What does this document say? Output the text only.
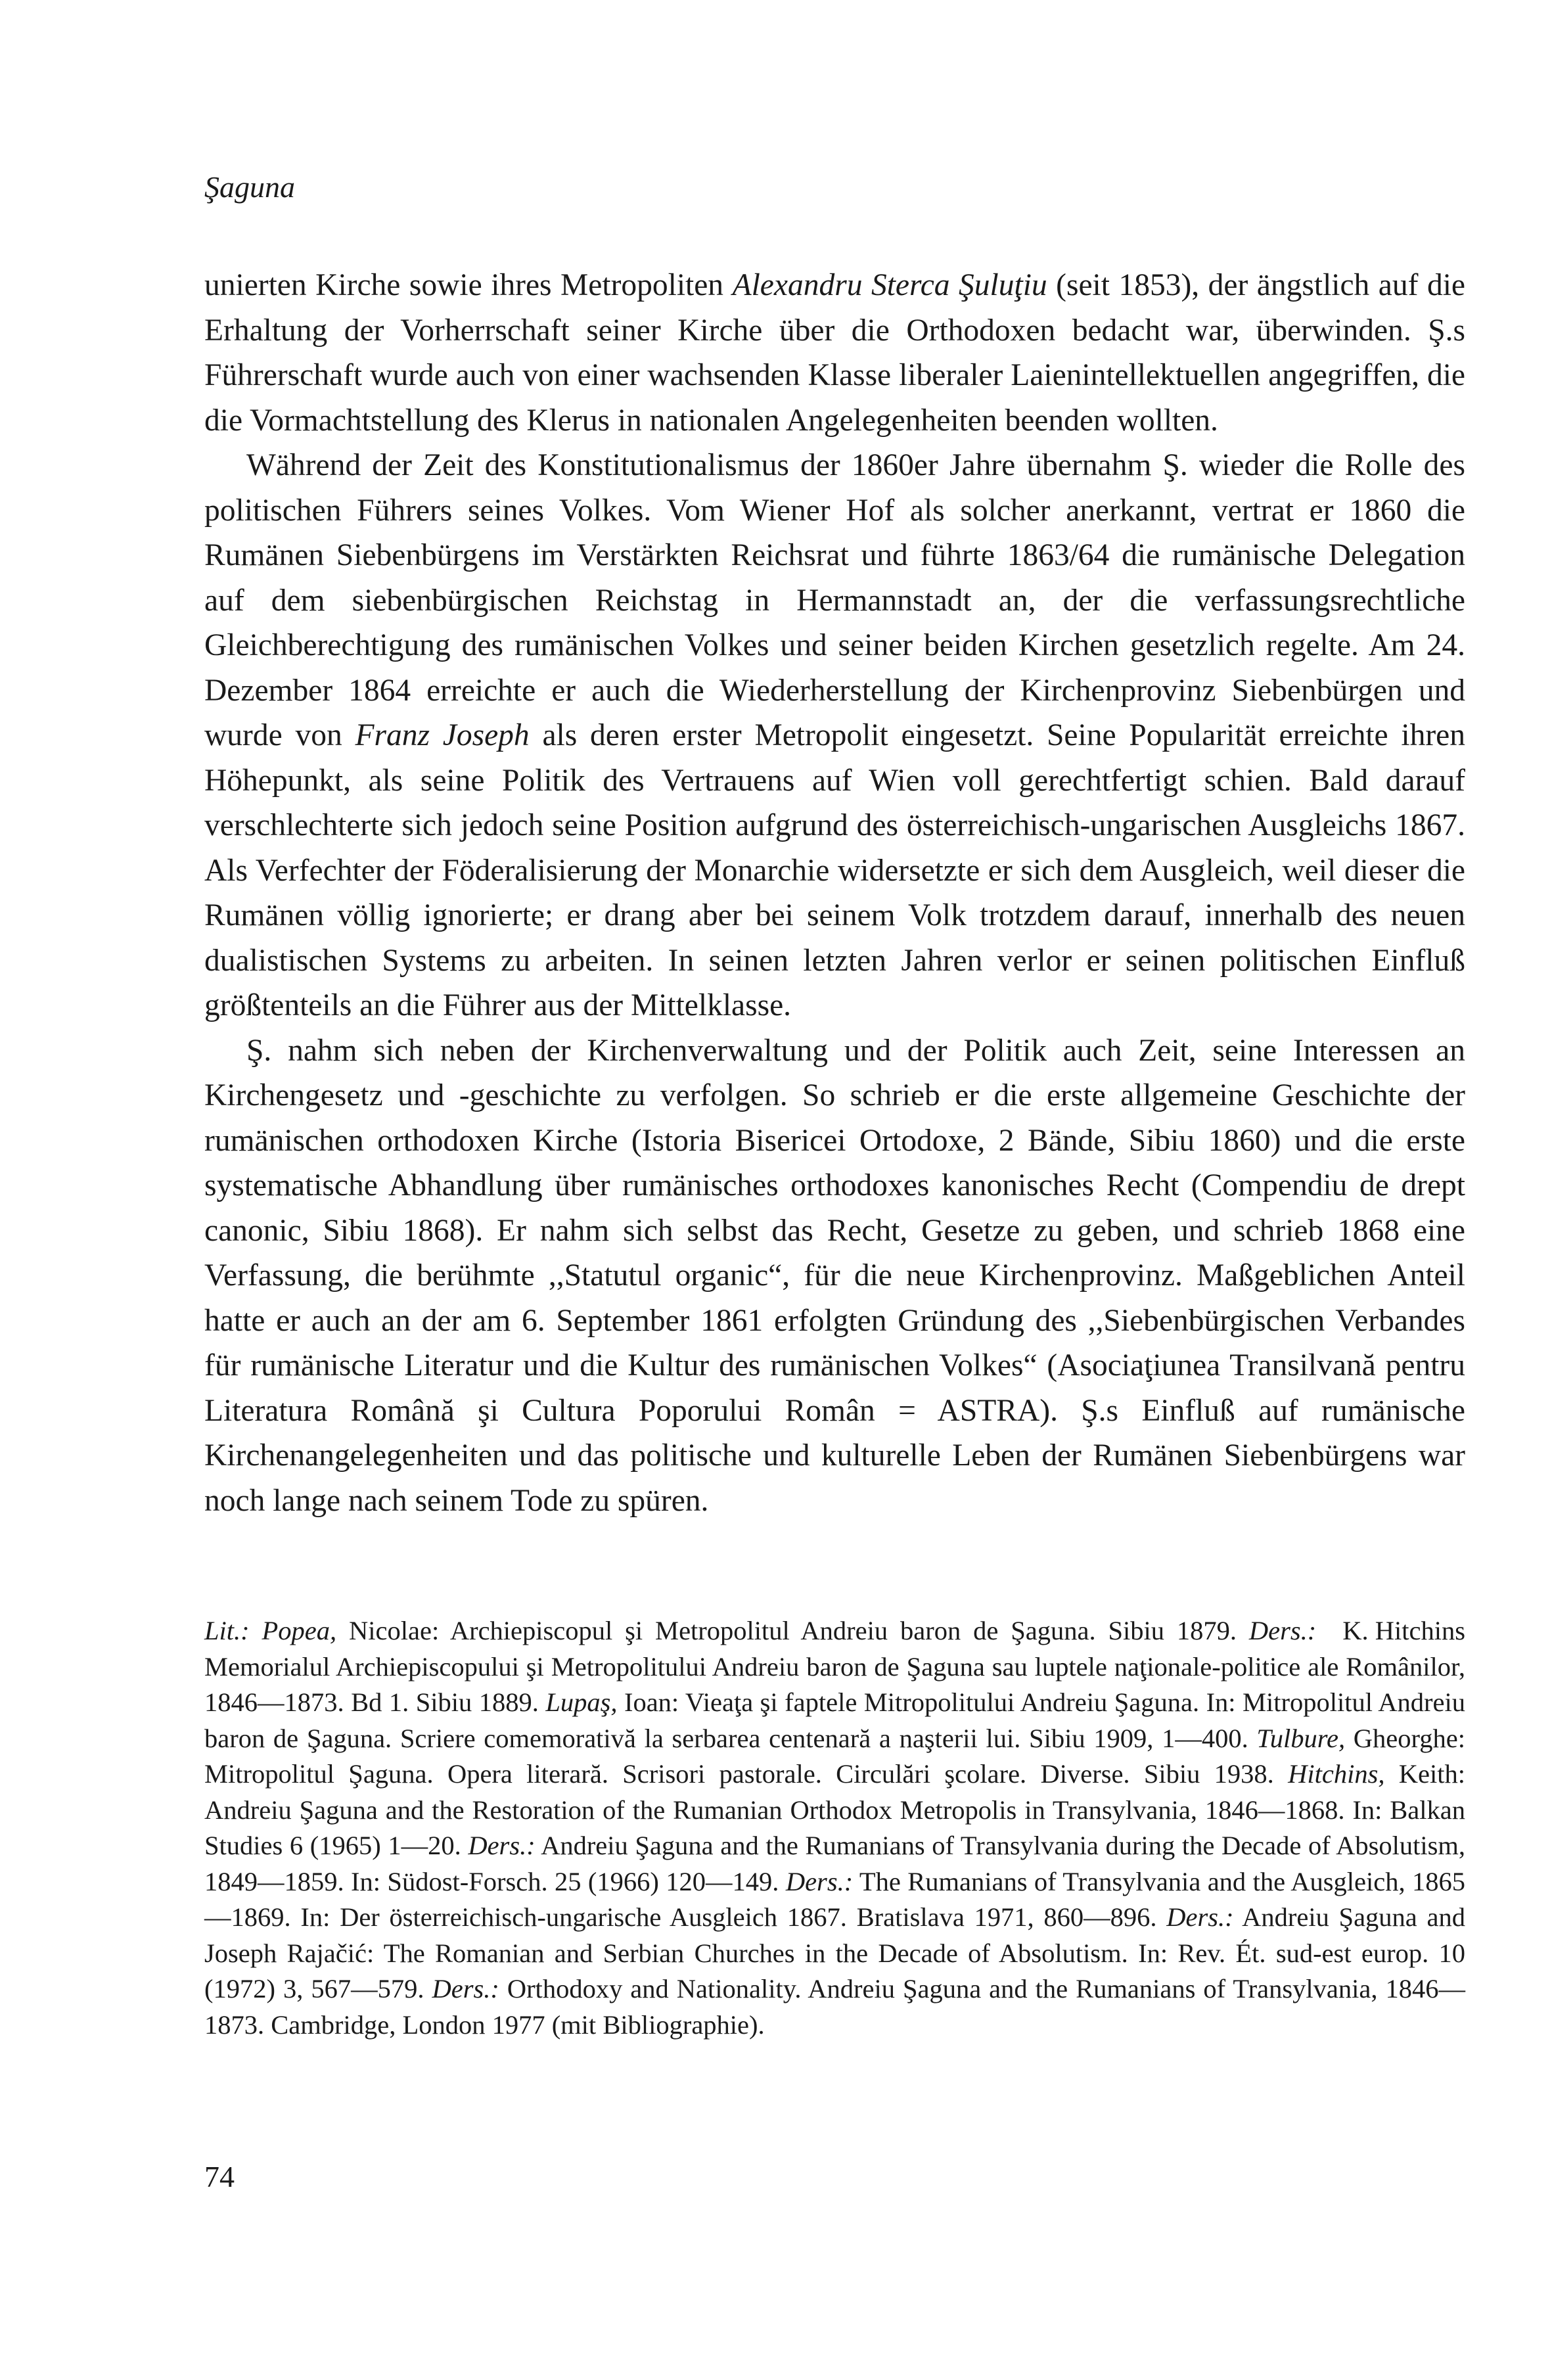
Şaguna

unierten Kirche sowie ihres Metropoliten Alexandru Sterca Şuluţiu (seit 1853), der ängstlich auf die Erhaltung der Vorherrschaft seiner Kirche über die Orthodoxen bedacht war, überwinden. Ş.s Führerschaft wurde auch von einer wachsenden Klasse liberaler Laienintellektuellen angegriffen, die die Vormachtstellung des Klerus in nationalen Angelegenheiten beenden wollten.

Während der Zeit des Konstitutionalismus der 1860er Jahre übernahm Ş. wieder die Rolle des politischen Führers seines Volkes. Vom Wiener Hof als solcher anerkannt, vertrat er 1860 die Rumänen Siebenbürgens im Verstärkten Reichsrat und führte 1863/64 die rumänische Delegation auf dem siebenbürgischen Reichstag in Hermannstadt an, der die verfassungsrechtliche Gleichberechtigung des rumänischen Volkes und seiner beiden Kirchen gesetzlich regelte. Am 24. Dezember 1864 erreichte er auch die Wiederherstellung der Kirchenprovinz Siebenbürgen und wurde von Franz Joseph als deren erster Metropolit eingesetzt. Seine Popularität erreichte ihren Höhepunkt, als seine Politik des Vertrauens auf Wien voll gerechtfertigt schien. Bald darauf verschlechterte sich jedoch seine Position aufgrund des österreichisch-ungarischen Ausgleichs 1867. Als Verfechter der Föderalisierung der Monarchie widersetzte er sich dem Ausgleich, weil dieser die Rumänen völlig ignorierte; er drang aber bei seinem Volk trotzdem darauf, innerhalb des neuen dualistischen Systems zu arbeiten. In seinen letzten Jahren verlor er seinen politischen Einfluß größtenteils an die Führer aus der Mittelklasse.

Ş. nahm sich neben der Kirchenverwaltung und der Politik auch Zeit, seine Interessen an Kirchengesetz und -geschichte zu verfolgen. So schrieb er die erste allgemeine Geschichte der rumänischen orthodoxen Kirche (Istoria Bisericei Ortodoxe, 2 Bände, Sibiu 1860) und die erste systematische Abhandlung über rumänisches orthodoxes kanonisches Recht (Compendiu de drept canonic, Sibiu 1868). Er nahm sich selbst das Recht, Gesetze zu geben, und schrieb 1868 eine Verfassung, die berühmte ,,Statutul organic“, für die neue Kirchenprovinz. Maßgeblichen Anteil hatte er auch an der am 6. September 1861 erfolgten Gründung des ,,Siebenbürgischen Verbandes für rumänische Literatur und die Kultur des rumänischen Volkes“ (Asociaţiunea Transilvană pentru Literatura Română şi Cultura Poporului Român = ASTRA). Ş.s Einfluß auf rumänische Kirchenangelegenheiten und das politische und kulturelle Leben der Rumänen Siebenbürgens war noch lange nach seinem Tode zu spüren.

K. Hitchins
Lit.: Popea, Nicolae: Archiepiscopul şi Metropolitul Andreiu baron de Şaguna. Sibiu 1879. Ders.: Memorialul Archiepiscopului şi Metropolitului Andreiu baron de Şaguna sau luptele naţionale-politice ale Românilor, 1846—1873. Bd 1. Sibiu 1889. Lupaş, Ioan: Vieaţa şi faptele Mitropolitului Andreiu Şaguna. In: Mitropolitul Andreiu baron de Şaguna. Scriere comemorativă la serbarea centenară a naşterii lui. Sibiu 1909, 1—400. Tulbure, Gheorghe: Mitropolitul Şaguna. Opera literară. Scrisori pastorale. Circulări şcolare. Diverse. Sibiu 1938. Hitchins, Keith: Andreiu Şaguna and the Restoration of the Rumanian Orthodox Metropolis in Transylvania, 1846—1868. In: Balkan Studies 6 (1965) 1—20. Ders.: Andreiu Şaguna and the Rumanians of Transylvania during the Decade of Absolutism, 1849—1859. In: Südost-Forsch. 25 (1966) 120—149. Ders.: The Rumanians of Transylvania and the Ausgleich, 1865—1869. In: Der österreichisch-ungarische Ausgleich 1867. Bratislava 1971, 860—896. Ders.: Andreiu Şaguna and Joseph Rajačić: The Romanian and Serbian Churches in the Decade of Absolutism. In: Rev. Ét. sud-est europ. 10 (1972) 3, 567—579. Ders.: Orthodoxy and Nationality. Andreiu Şaguna and the Rumanians of Transylvania, 1846—1873. Cambridge, London 1977 (mit Bibliographie).

74
